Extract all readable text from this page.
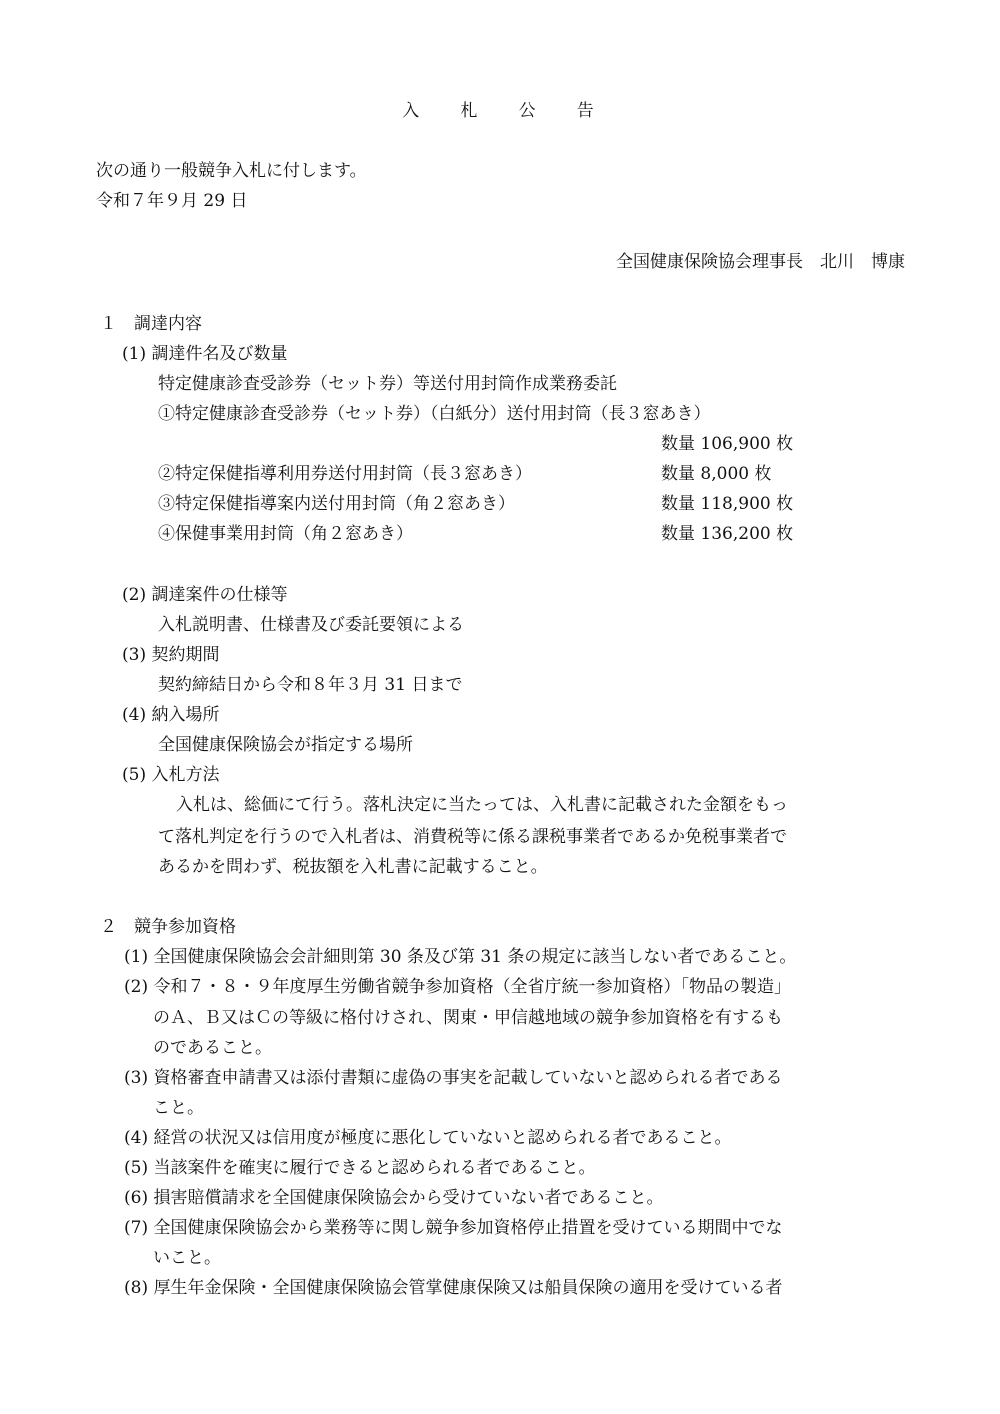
入 札 公 告
次の通り一般競争入札に付します。
令和７年９月 29 日
全国健康保険協会理事長　北川　博康
１　調達内容
(1) 調達件名及び数量
特定健康診査受診券（セット券）等送付用封筒作成業務委託
①特定健康診査受診券（セット券）（白紙分）送付用封筒（長３窓あき）
数量 106,900 枚
②特定保健指導利用券送付用封筒（長３窓あき）	数量 8,000 枚
③特定保健指導案内送付用封筒（角２窓あき）	数量 118,900 枚
④保健事業用封筒（角２窓あき）	数量 136,200 枚
(2) 調達案件の仕様等
入札説明書、仕様書及び委託要領による
(3) 契約期間
契約締結日から令和８年３月 31 日まで
(4) 納入場所
全国健康保険協会が指定する場所
(5) 入札方法
入札は、総価にて行う。落札決定に当たっては、入札書に記載された金額をもっ
て落札判定を行うので入札者は、消費税等に係る課税事業者であるか免税事業者で
あるかを問わず、税抜額を入札書に記載すること。
２　競争参加資格
(1) 全国健康保険協会会計細則第 30 条及び第 31 条の規定に該当しない者であること。
(2) 令和７・８・９年度厚生労働省競争参加資格（全省庁統一参加資格）「物品の製造」
のＡ、Ｂ又はＣの等級に格付けされ、関東・甲信越地域の競争参加資格を有するも
のであること。
(3) 資格審査申請書又は添付書類に虚偽の事実を記載していないと認められる者である
こと。
(4) 経営の状況又は信用度が極度に悪化していないと認められる者であること。
(5) 当該案件を確実に履行できると認められる者であること。
(6) 損害賠償請求を全国健康保険協会から受けていない者であること。
(7) 全国健康保険協会から業務等に関し競争参加資格停止措置を受けている期間中でな
いこと。
(8) 厚生年金保険・全国健康保険協会管掌健康保険又は船員保険の適用を受けている者
